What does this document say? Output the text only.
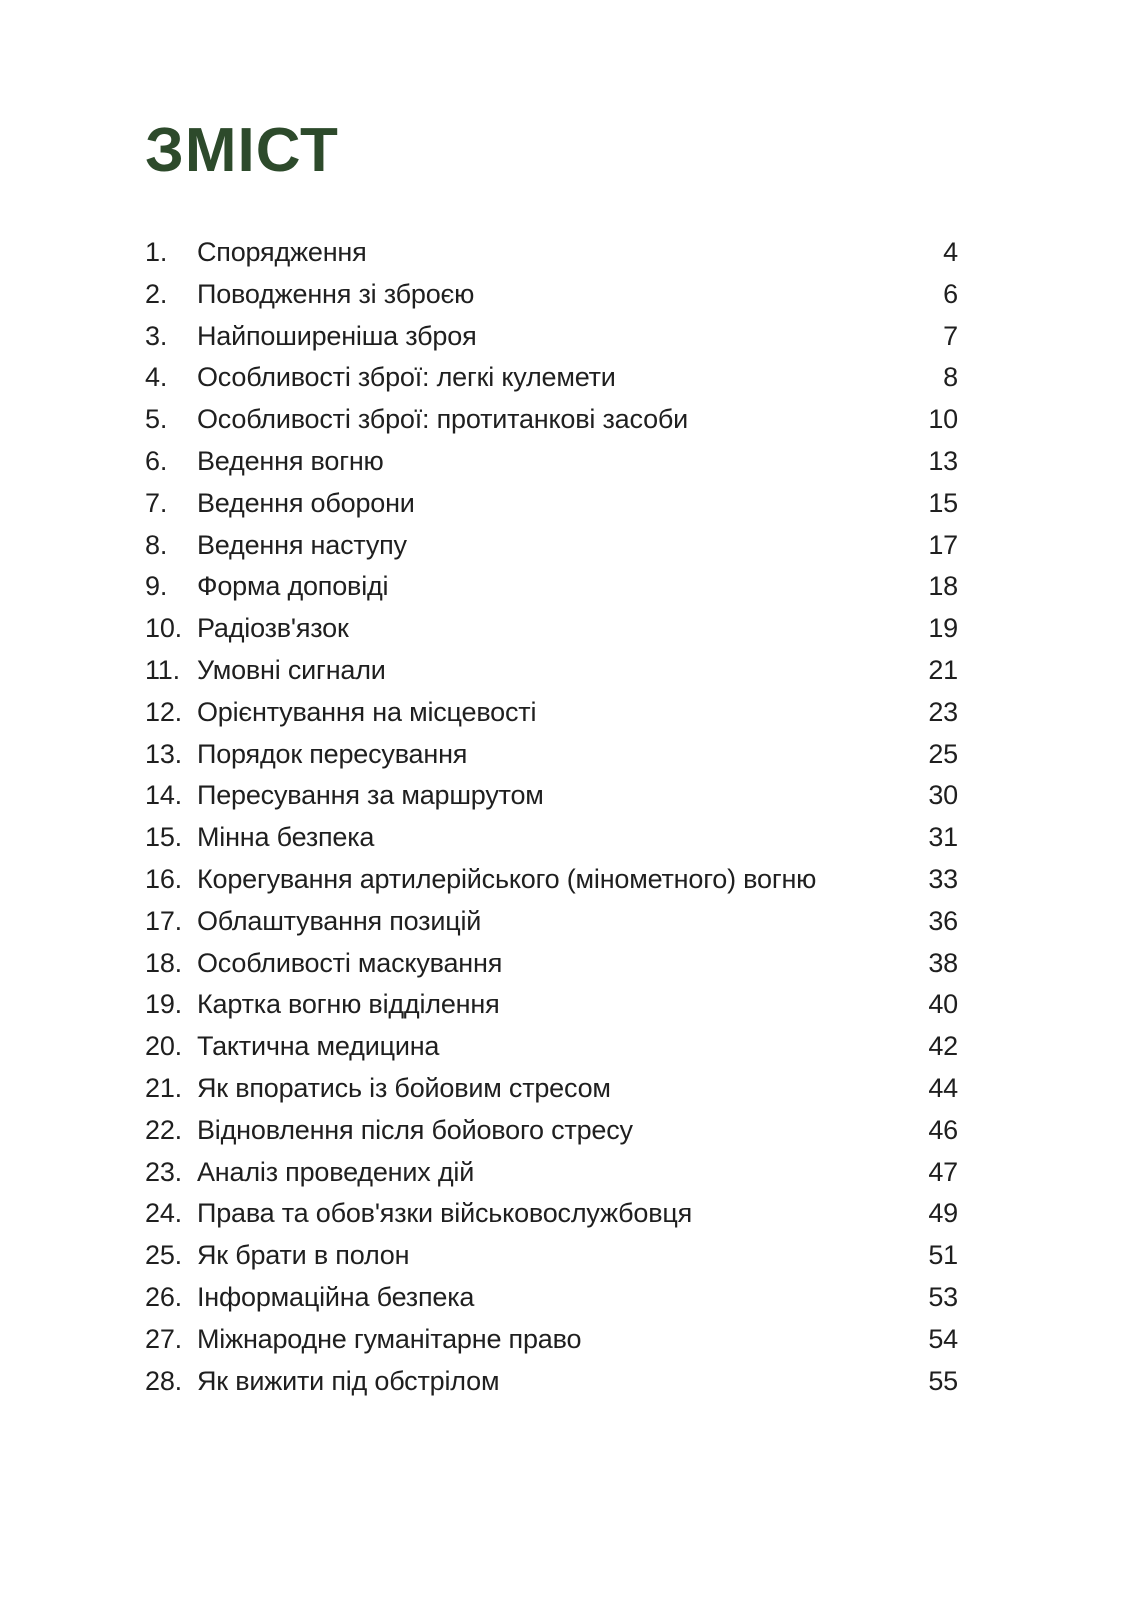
ЗМІСТ
1.	Спорядження	4
2.	Поводження зі зброєю	6
3.	Найпоширеніша зброя	7
4.	Особливості зброї: легкі кулемети	8
5.	Особливості зброї: протитанкові засоби	10
6.	Ведення вогню	13
7.	Ведення оборони	15
8.	Ведення наступу	17
9.	Форма доповіді	18
10. Радіозв'язок	19
11. Умовні сигнали	21
12. Орієнтування на місцевості	23
13. Порядок пересування	25
14. Пересування за маршрутом	30
15. Мінна безпека	31
16. Корегування артилерійського (мінометного) вогню	33
17. Облаштування позицій	36
18. Особливості маскування	38
19. Картка вогню відділення	40
20. Тактична медицина	42
21. Як впоратись із бойовим стресом	44
22. Відновлення після бойового стресу	46
23. Аналіз проведених дій	47
24. Права та обов'язки військовослужбовця	49
25. Як брати в полон	51
26. Інформаційна безпека	53
27. Міжнародне гуманітарне право	54
28. Як вижити під обстрілом	55
